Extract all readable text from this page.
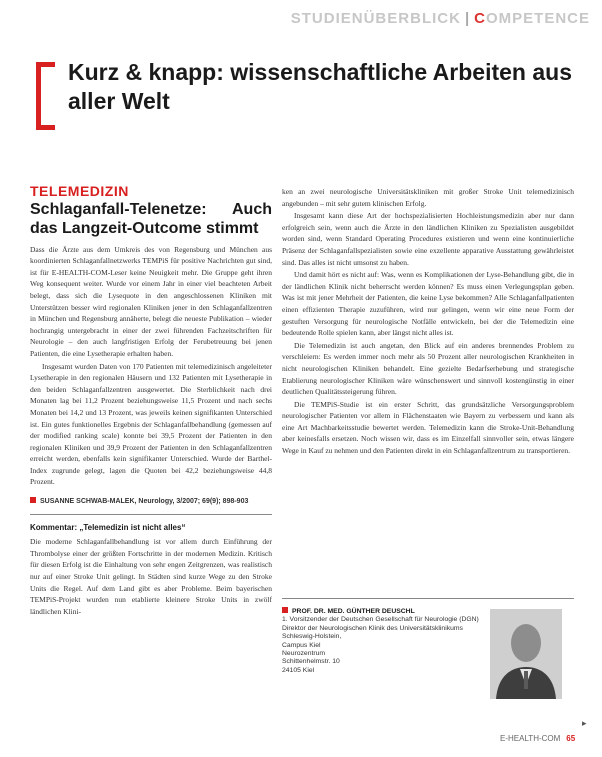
STUDIENÜBERBLICK | COMPETENCE
Kurz & knapp: wissenschaftliche Arbeiten aus aller Welt
TELEMEDIZIN
Schlaganfall-Telenetze: Auch das Langzeit-Outcome stimmt

Dass die Ärzte aus dem Umkreis des von Regensburg und München aus koordinierten Schlaganfallnetzwerks TEMPiS für positive Nachrichten gut sind, ist für E-HEALTH-COM-Leser keine Neuigkeit mehr. Die Gruppe geht ihren Weg konsequent weiter. Wurde vor einem Jahr in einer viel beachteten Arbeit belegt, dass sich die Lysequote in den angeschlossenen Kliniken mit Unterstützen besser wird regionalen Kliniken jener in den Schlaganfallzentren in München und Regensburg annäherte, belegt die neueste Publikation – wieder hochrangig untergebracht in einer der zwei führenden Fachzeitschriften für Neurologie – den auch langfristigen Erfolg der Ferubetreuung bei jenen Patienten, die eine Lysetherapie erhalten haben.

Insgesamt wurden Daten von 170 Patienten mit telemedizinisch angeleiteter Lysetherapie in den regionalen Häusern und 132 Patienten mit Lysetherapie in den beiden Schlaganfallzentren ausgewertet. Die Sterblichkeit nach drei Monaten lag bei 11,2 Prozent beziehungsweise 11,5 Prozent und nach sechs Monaten bei 14,2 und 13 Prozent, was jeweils keinen signifikanten Unterschied ist. Ein gutes funktionelles Ergebnis der Schlaganfallbehandlung (gemessen auf der modified ranking scale) konnte bei 39,5 Prozent der Patienten in den regionalen Kliniken und 39,9 Prozent der Patienten in den Schlaganfallzentren erreicht werden, ebenfalls kein signifikanter Unterschied. Wurde der Barthel-Index zugrunde gelegt, lagen die Quoten bei 42,2 beziehungsweise 44,8 Prozent.

SUSANNE SCHWAB-MALEK, Neurology, 3/2007; 69(9); 898-903
Kommentar: „Telemedizin ist nicht alles“

Die moderne Schlaganfallbehandlung ist vor allem durch Einführung der Thrombolyse einer der größten Fortschritte in der modernen Medizin. Kritisch für diesen Erfolg ist die Einhaltung von sehr engen Zeitgrenzen, was realistisch nur auf einer Stroke Unit gelingt. In Städten sind kurze Wege zu den Stroke Units die Regel. Auf dem Land gibt es aber Probleme. Beim bayerischen TEMPiS-Projekt wurden nun etablierte kleinere Stroke Units in zwölf ländlichen Klini-

ken an zwei neurologische Universitätskliniken mit großer Stroke Unit telemedizinisch angebunden – mit sehr gutem klinischen Erfolg.

Insgesamt kann diese Art der hochspezialisierten Hochleistungsmedizin aber nur dann erfolgreich sein, wenn auch die Ärzte in den ländlichen Kliniken zu Spezialisten ausgebildet worden sind, wenn Standard Operating Procedures existieren und wenn eine kontinuierliche Präsenz der Schlaganfallspezialisten sowie eine exzellente apparative Ausstattung gewährleistet sind. Das alles ist nicht umsonst zu haben.

Und damit hört es nicht auf: Was, wenn es Komplikationen der Lyse-Behandlung gibt, die in der ländlichen Klinik nicht beherrscht werden können? Es muss einen Verlegungsplan geben. Was ist mit jener Mehrheit der Patienten, die keine Lyse bekommen? Alle Schlaganfallpatienten einen effizienten Therapie zuzuführen, wird nur gelingen, wenn wir eine neue Form der gestuften Versorgung für neurologische Notfälle entwickeln, bei der die Telemedizin eine bedeutende Rolle spielen kann, aber längst nicht alles ist.

Die Telemedizin ist auch angetan, den Blick auf ein anderes brennendes Problem zu verschleiern: Es werden immer noch mehr als 50 Prozent aller neurologischen Krankheiten in nicht neurologischen Kliniken behandelt. Eine gezielte Bedarfserhebung und strategische Etablierung neurologischer Kliniken wäre wünschenswert und sinnvoll kostengünstig in einer deutlichen Qualitätssteigerung führen.

Die TEMPiS-Studie ist ein erster Schritt, das grundsätzliche Versorgungsproblem neurologischer Patienten vor allem in Flächenstaaten wie Bayern zu verbessern und kann als eine Art Machbarkeitsstudie bewertet werden. Telemedizin kann die Stroke-Unit-Behandlung aber keinesfalls ersetzen. Noch wissen wir, dass es im Einzelfall sinnvoller sein, etwas längere Wege in Kauf zu nehmen und den Patienten direkt in ein Schlaganfallzentrum zu transportieren.

PROF. DR. MED. GÜNTHER DEUSCHL
1. Vorsitzender der Deutschen Gesellschaft für Neurologie (DGN)
Direktor der Neurologischen Klinik des Universitätsklinikums Schleswig-Holstein,
Campus Kiel
Neurozentrum
Schittenhelmstr. 10
24105 Kiel
▸
E-HEALTH-COM 65
